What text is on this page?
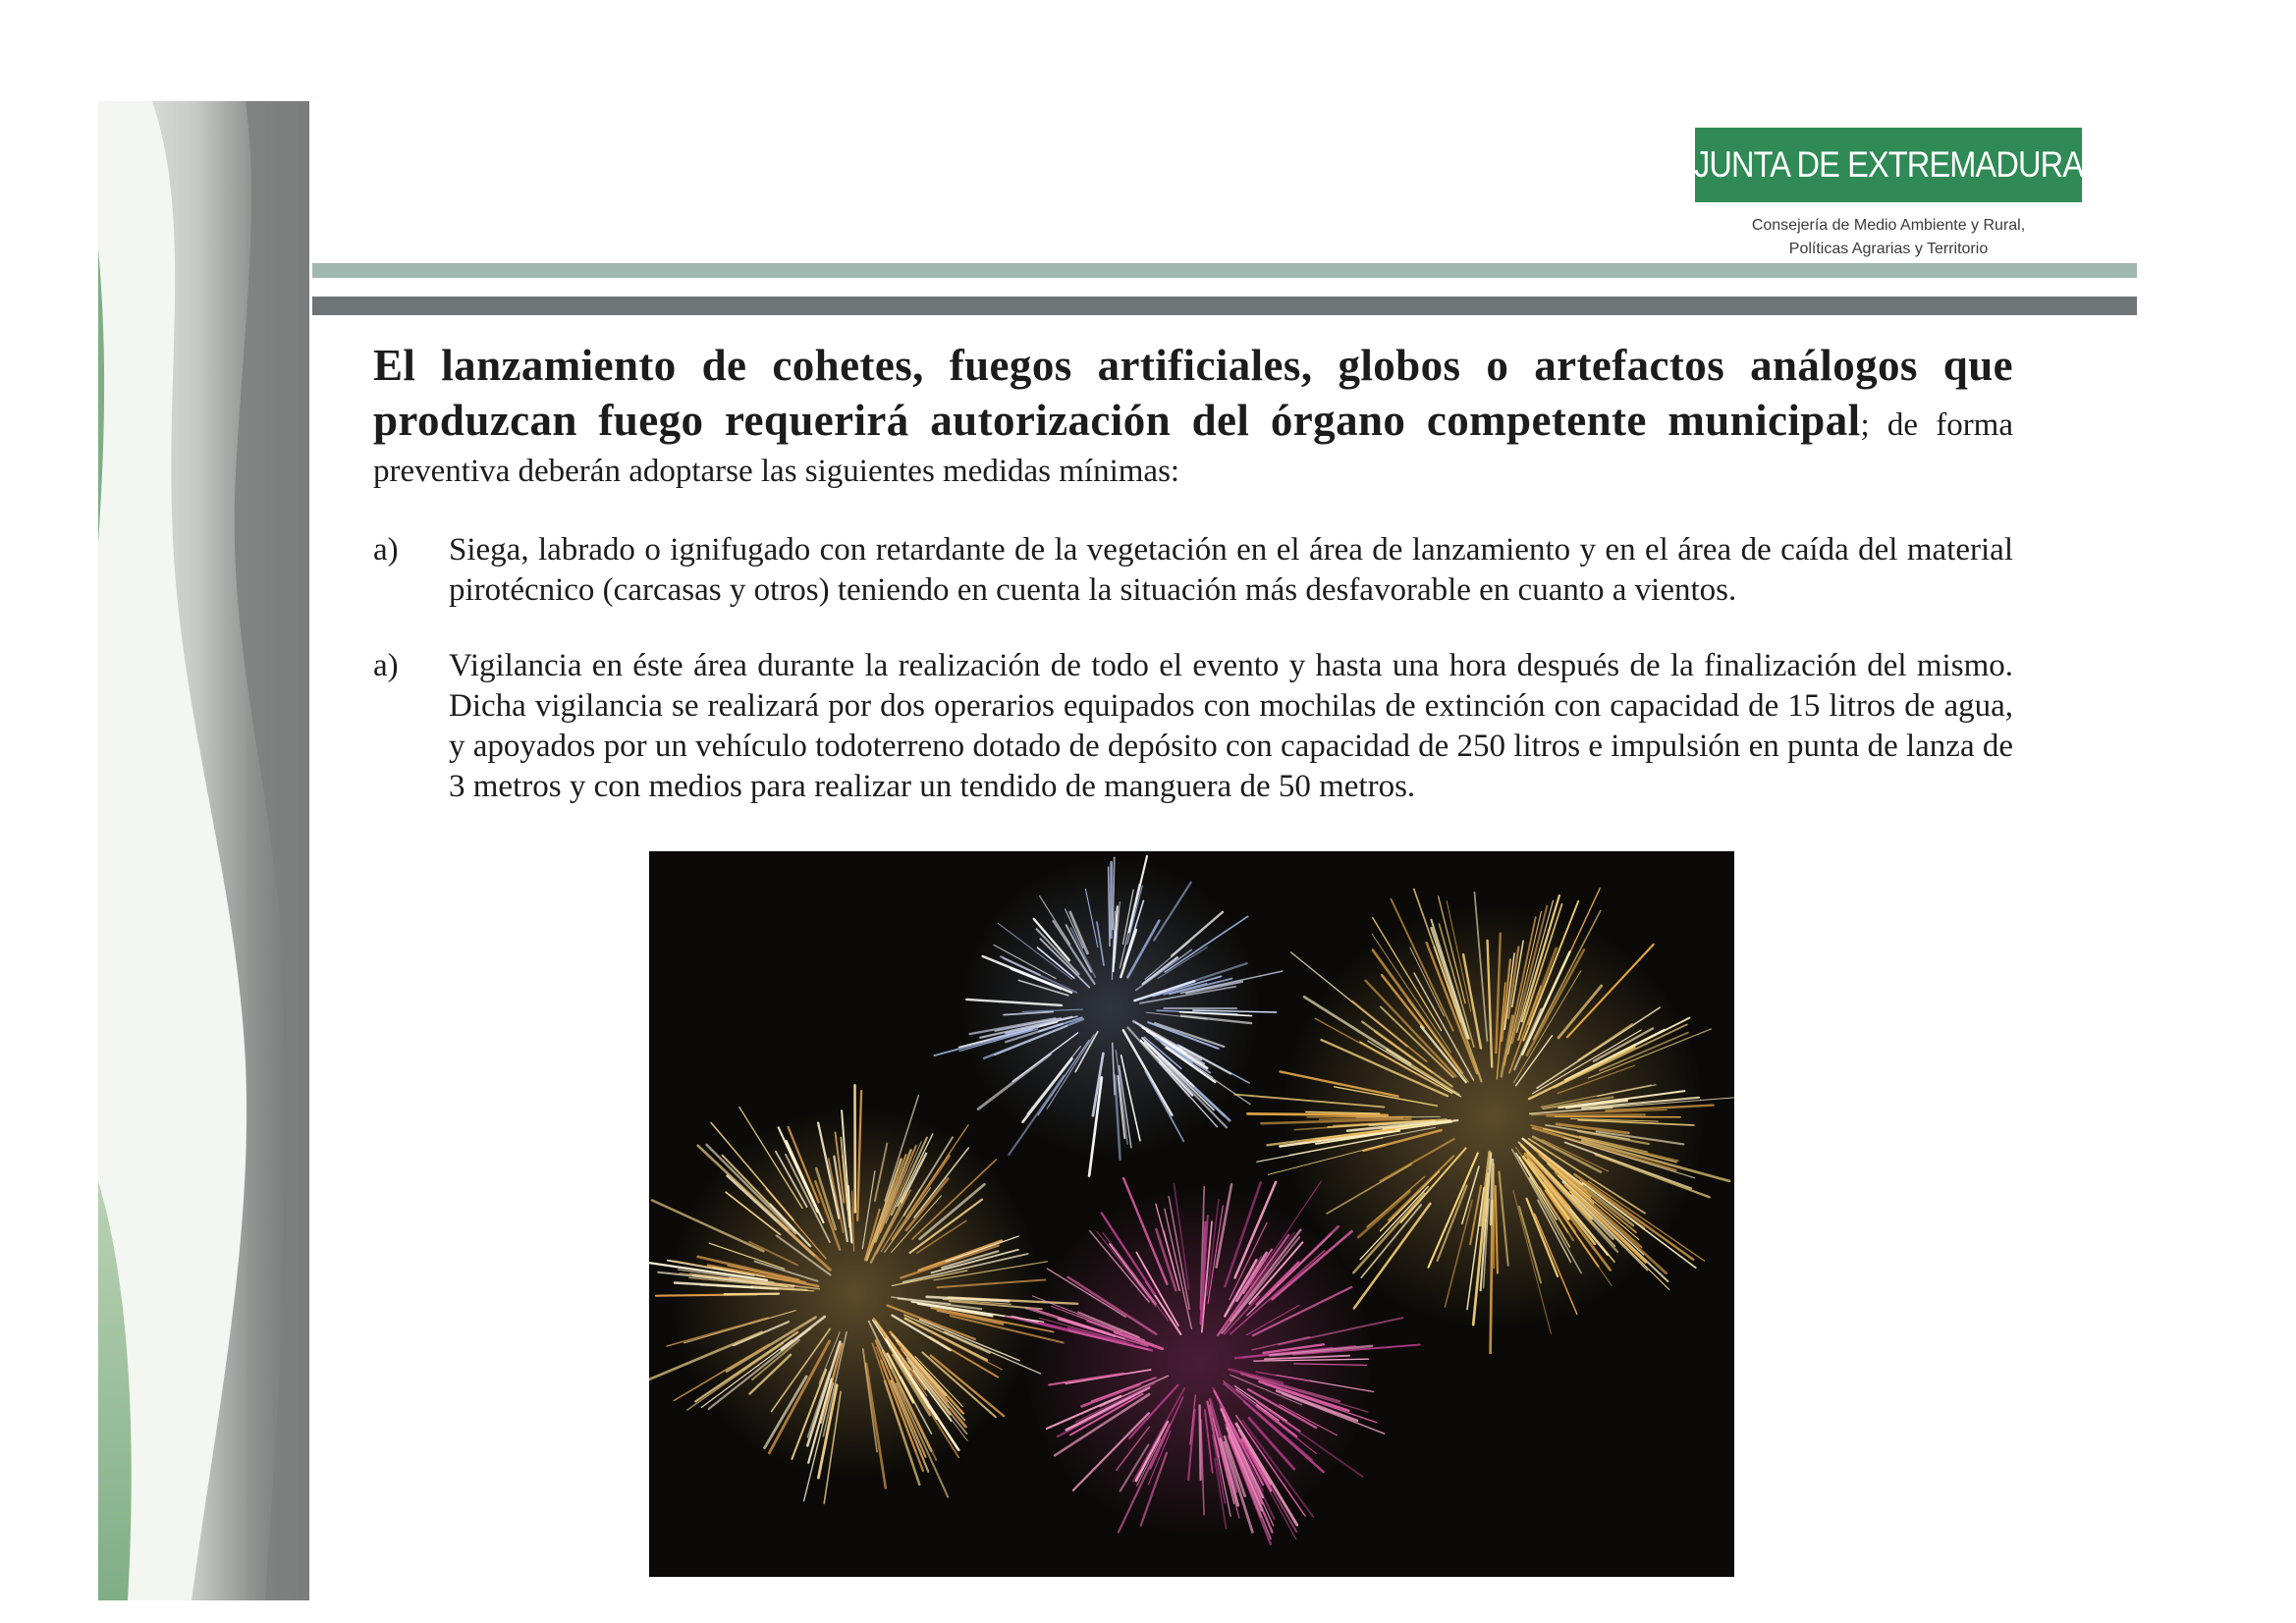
JUNTA DE EXTREMADURA
Consejería de Medio Ambiente y Rural,
Políticas Agrarias y Territorio

El lanzamiento de cohetes, fuegos artificiales, globos o artefactos análogos que produzcan fuego requerirá autorización del órgano competente municipal; de forma preventiva deberán adoptarse las siguientes medidas mínimas:

a)	Siega, labrado o ignifugado con retardante de la vegetación en el área de lanzamiento y en el área de caída del material pirotécnico (carcasas y otros) teniendo en cuenta la situación más desfavorable en cuanto a vientos.

a)	Vigilancia en éste área durante la realización de todo el evento y hasta una hora después de la finalización del mismo. Dicha vigilancia se realizará por dos operarios equipados con mochilas de extinción con capacidad de 15 litros de agua, y apoyados por un vehículo todoterreno dotado de depósito con capacidad de 250 litros e impulsión en punta de lanza de 3 metros y con medios para realizar un tendido de manguera de 50 metros.
